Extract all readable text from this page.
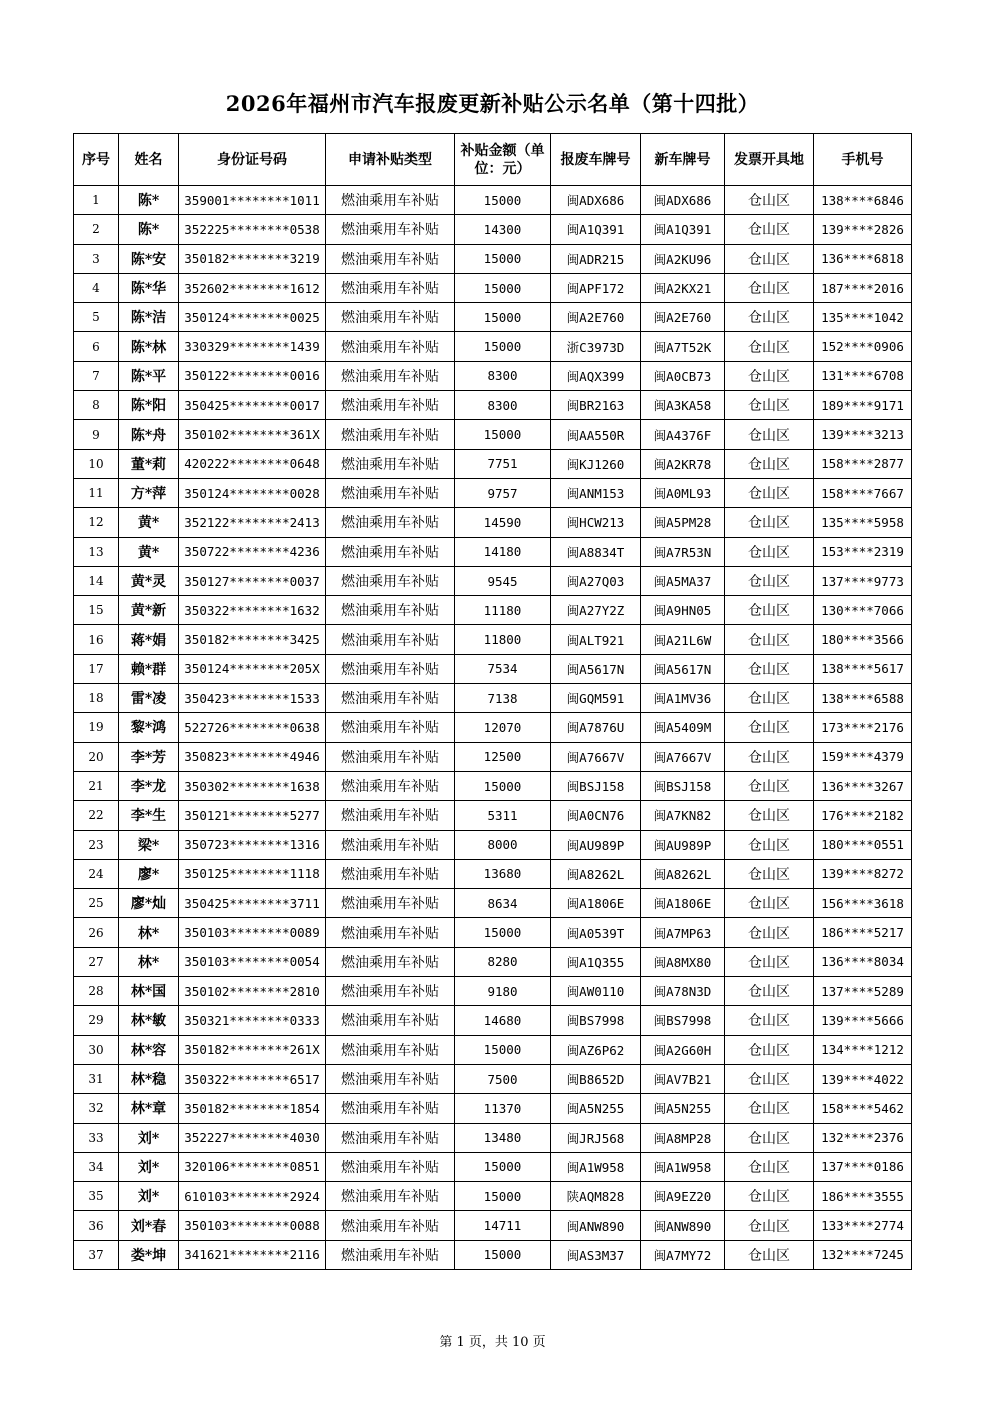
2026年福州市汽车报废更新补贴公示名单（第十四批）
序号	姓名	身份证号码	申请补贴类型	补贴金额（单位：元）	报废车牌号	新车牌号	发票开具地	手机号
1	陈*	359001********1011	燃油乘用车补贴	15000	闽ADX686	闽ADX686	仓山区	138****6846
2	陈*	352225********0538	燃油乘用车补贴	14300	闽A1Q391	闽A1Q391	仓山区	139****2826
3	陈*安	350182********3219	燃油乘用车补贴	15000	闽ADR215	闽A2KU96	仓山区	136****6818
4	陈*华	352602********1612	燃油乘用车补贴	15000	闽APF172	闽A2KX21	仓山区	187****2016
5	陈*洁	350124********0025	燃油乘用车补贴	15000	闽A2E760	闽A2E760	仓山区	135****1042
6	陈*林	330329********1439	燃油乘用车补贴	15000	浙C3973D	闽A7T52K	仓山区	152****0906
7	陈*平	350122********0016	燃油乘用车补贴	8300	闽AQX399	闽A0CB73	仓山区	131****6708
8	陈*阳	350425********0017	燃油乘用车补贴	8300	闽BR2163	闽A3KA58	仓山区	189****9171
9	陈*舟	350102********361X	燃油乘用车补贴	15000	闽AA550R	闽A4376F	仓山区	139****3213
10	董*莉	420222********0648	燃油乘用车补贴	7751	闽KJ1260	闽A2KR78	仓山区	158****2877
11	方*萍	350124********0028	燃油乘用车补贴	9757	闽ANM153	闽A0ML93	仓山区	158****7667
12	黄*	352122********2413	燃油乘用车补贴	14590	闽HCW213	闽A5PM28	仓山区	135****5958
13	黄*	350722********4236	燃油乘用车补贴	14180	闽A8834T	闽A7R53N	仓山区	153****2319
14	黄*灵	350127********0037	燃油乘用车补贴	9545	闽A27Q03	闽A5MA37	仓山区	137****9773
15	黄*新	350322********1632	燃油乘用车补贴	11180	闽A27Y2Z	闽A9HN05	仓山区	130****7066
16	蒋*娟	350182********3425	燃油乘用车补贴	11800	闽ALT921	闽A21L6W	仓山区	180****3566
17	赖*群	350124********205X	燃油乘用车补贴	7534	闽A5617N	闽A5617N	仓山区	138****5617
18	雷*凌	350423********1533	燃油乘用车补贴	7138	闽GQM591	闽A1MV36	仓山区	138****6588
19	黎*鸿	522726********0638	燃油乘用车补贴	12070	闽A7876U	闽A5409M	仓山区	173****2176
20	李*芳	350823********4946	燃油乘用车补贴	12500	闽A7667V	闽A7667V	仓山区	159****4379
21	李*龙	350302********1638	燃油乘用车补贴	15000	闽BSJ158	闽BSJ158	仓山区	136****3267
22	李*生	350121********5277	燃油乘用车补贴	5311	闽A0CN76	闽A7KN82	仓山区	176****2182
23	梁*	350723********1316	燃油乘用车补贴	8000	闽AU989P	闽AU989P	仓山区	180****0551
24	廖*	350125********1118	燃油乘用车补贴	13680	闽A8262L	闽A8262L	仓山区	139****8272
25	廖*灿	350425********3711	燃油乘用车补贴	8634	闽A1806E	闽A1806E	仓山区	156****3618
26	林*	350103********0089	燃油乘用车补贴	15000	闽A0539T	闽A7MP63	仓山区	186****5217
27	林*	350103********0054	燃油乘用车补贴	8280	闽A1Q355	闽A8MX80	仓山区	136****8034
28	林*国	350102********2810	燃油乘用车补贴	9180	闽AW0110	闽A78N3D	仓山区	137****5289
29	林*敏	350321********0333	燃油乘用车补贴	14680	闽BS7998	闽BS7998	仓山区	139****5666
30	林*容	350182********261X	燃油乘用车补贴	15000	闽AZ6P62	闽A2G60H	仓山区	134****1212
31	林*稳	350322********6517	燃油乘用车补贴	7500	闽B8652D	闽AV7B21	仓山区	139****4022
32	林*章	350182********1854	燃油乘用车补贴	11370	闽A5N255	闽A5N255	仓山区	158****5462
33	刘*	352227********4030	燃油乘用车补贴	13480	闽JRJ568	闽A8MP28	仓山区	132****2376
34	刘*	320106********0851	燃油乘用车补贴	15000	闽A1W958	闽A1W958	仓山区	137****0186
35	刘*	610103********2924	燃油乘用车补贴	15000	陕AQM828	闽A9EZ20	仓山区	186****3555
36	刘*春	350103********0088	燃油乘用车补贴	14711	闽ANW890	闽ANW890	仓山区	133****2774
37	娄*坤	341621********2116	燃油乘用车补贴	15000	闽AS3M37	闽A7MY72	仓山区	132****7245
第 1 页，共 10 页
